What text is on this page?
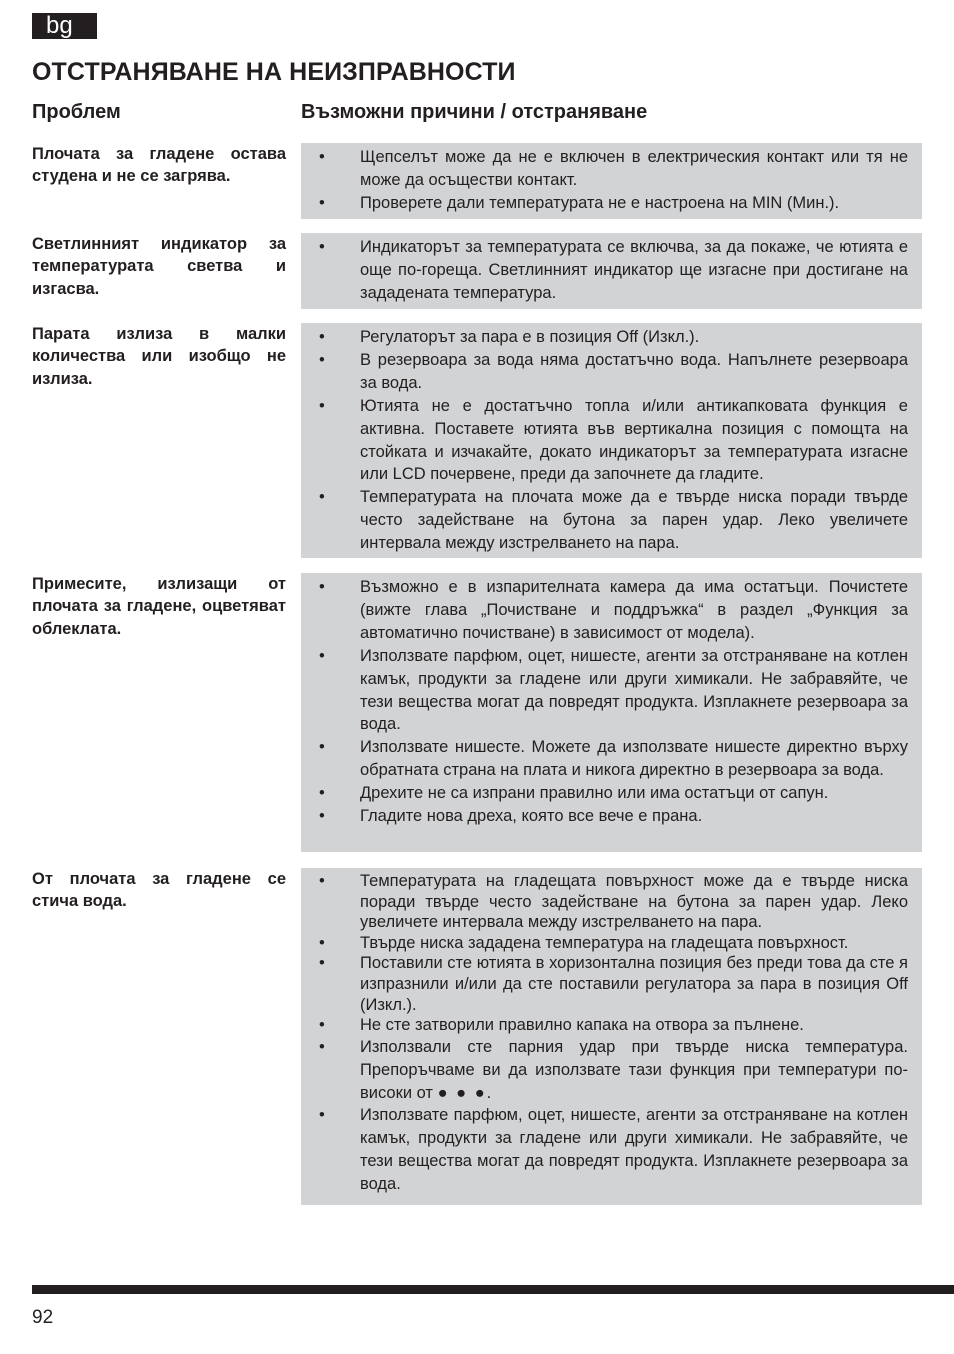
bg
ОТСТРАНЯВАНЕ НА НЕИЗПРАВНОСТИ
Проблем	Възможни причини / отстраняване
Плочата за гладене остава студена и не се загрява.
• Щепселът може да не е включен в електрическия контакт или тя не може да осъществи контакт.
• Проверете дали температурата не е настроена на MIN (Мин.).
Светлинният индикатор за температурата светва и изгасва.
• Индикаторът за температурата се включва, за да покаже, че ютията е още по-гореща. Светлинният индикатор ще изгасне при достигане на зададената температура.
Парата излиза в малки количества или изобщо не излиза.
• Регулаторът за пара е в позиция Off (Изкл.).
• В резервоара за вода няма достатъчно вода. Напълнете резервоара за вода.
• Ютията не е достатъчно топла и/или антикапковата функция е активна. Поставете ютията във вертикална позиция с помощта на стойката и изчакайте, докато индикаторът за температурата изгасне или LCD почервене, преди да започнете да гладите.
• Температурата на плочата може да е твърде ниска поради твърде често задействане на бутона за парен удар. Леко увеличете интервала между изстрелването на пара.
Примесите, излизащи от плочата за гладене, оцветяват облеклата.
• Възможно е в изпарителната камера да има остатъци. Почистете (вижте глава „Почистване и поддръжка“ в раздел „Функция за автоматично почистване) в зависимост от модела).
• Използвате парфюм, оцет, нишесте, агенти за отстраняване на котлен камък, продукти за гладене или други химикали. Не забравяйте, че тези вещества могат да повредят продукта. Изплакнете резервоара за вода.
• Използвате нишесте. Можете да използвате нишесте директно върху обратната страна на плата и никога директно в резервоара за вода.
• Дрехите не са изпрани правилно или има остатъци от сапун.
• Гладите нова дреха, която все вече е прана.
От плочата за гладене се стича вода.
• Температурата на гладещата повърхност може да е твърде ниска поради твърде често задействане на бутона за парен удар. Леко увеличете интервала между изстрелването на пара.
• Твърде ниска зададена температура на гладещата повърхност.
• Поставили сте ютията в хоризонтална позиция без преди това да сте я изпразнили и/или да сте поставили регулатора за пара в позиция Off (Изкл.).
• Не сте затворили правилно капака на отвора за пълнене.
• Използвали сте парния удар при твърде ниска температура. Препоръчваме ви да използвате тази функция при температури по-високи от ● ● ●.
• Използвате парфюм, оцет, нишесте, агенти за отстраняване на котлен камък, продукти за гладене или други химикали. Не забравяйте, че тези вещества могат да повредят продукта. Изплакнете резервоара за вода.
92
